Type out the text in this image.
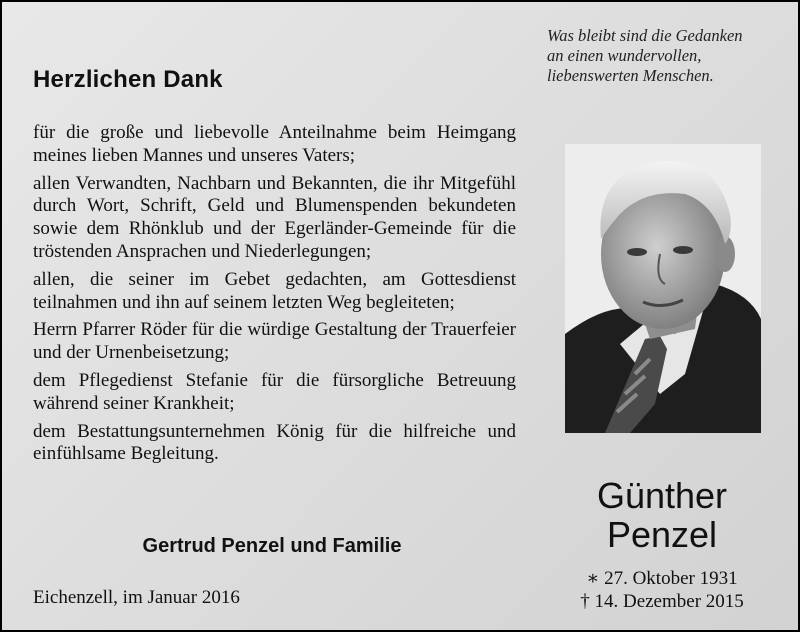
Was bleibt sind die Gedanken
an einen wundervollen,
liebenswerten Menschen.
Herzlichen Dank
für die große und liebevolle Anteilnahme beim Heimgang meines lieben Mannes und unseres Vaters;
allen Verwandten, Nachbarn und Bekannten, die ihr Mitgefühl durch Wort, Schrift, Geld und Blumenspenden bekundeten sowie dem Rhönklub und der Egerländer-Gemeinde für die tröstenden Ansprachen und Niederlegungen;
allen, die seiner im Gebet gedachten, am Gottesdienst teilnahmen und ihn auf seinem letzten Weg begleiteten;
Herrn Pfarrer Röder für die würdige Gestaltung der Trauerfeier und der Urnenbeisetzung;
dem Pflegedienst Stefanie für die fürsorgliche Betreuung während seiner Krankheit;
dem Bestattungsunternehmen König für die hilfreiche und einfühlsame Begleitung.
Gertrud Penzel und Familie
Eichenzell, im Januar 2016
Günther
Penzel
∗ 27. Oktober 1931
† 14. Dezember 2015
